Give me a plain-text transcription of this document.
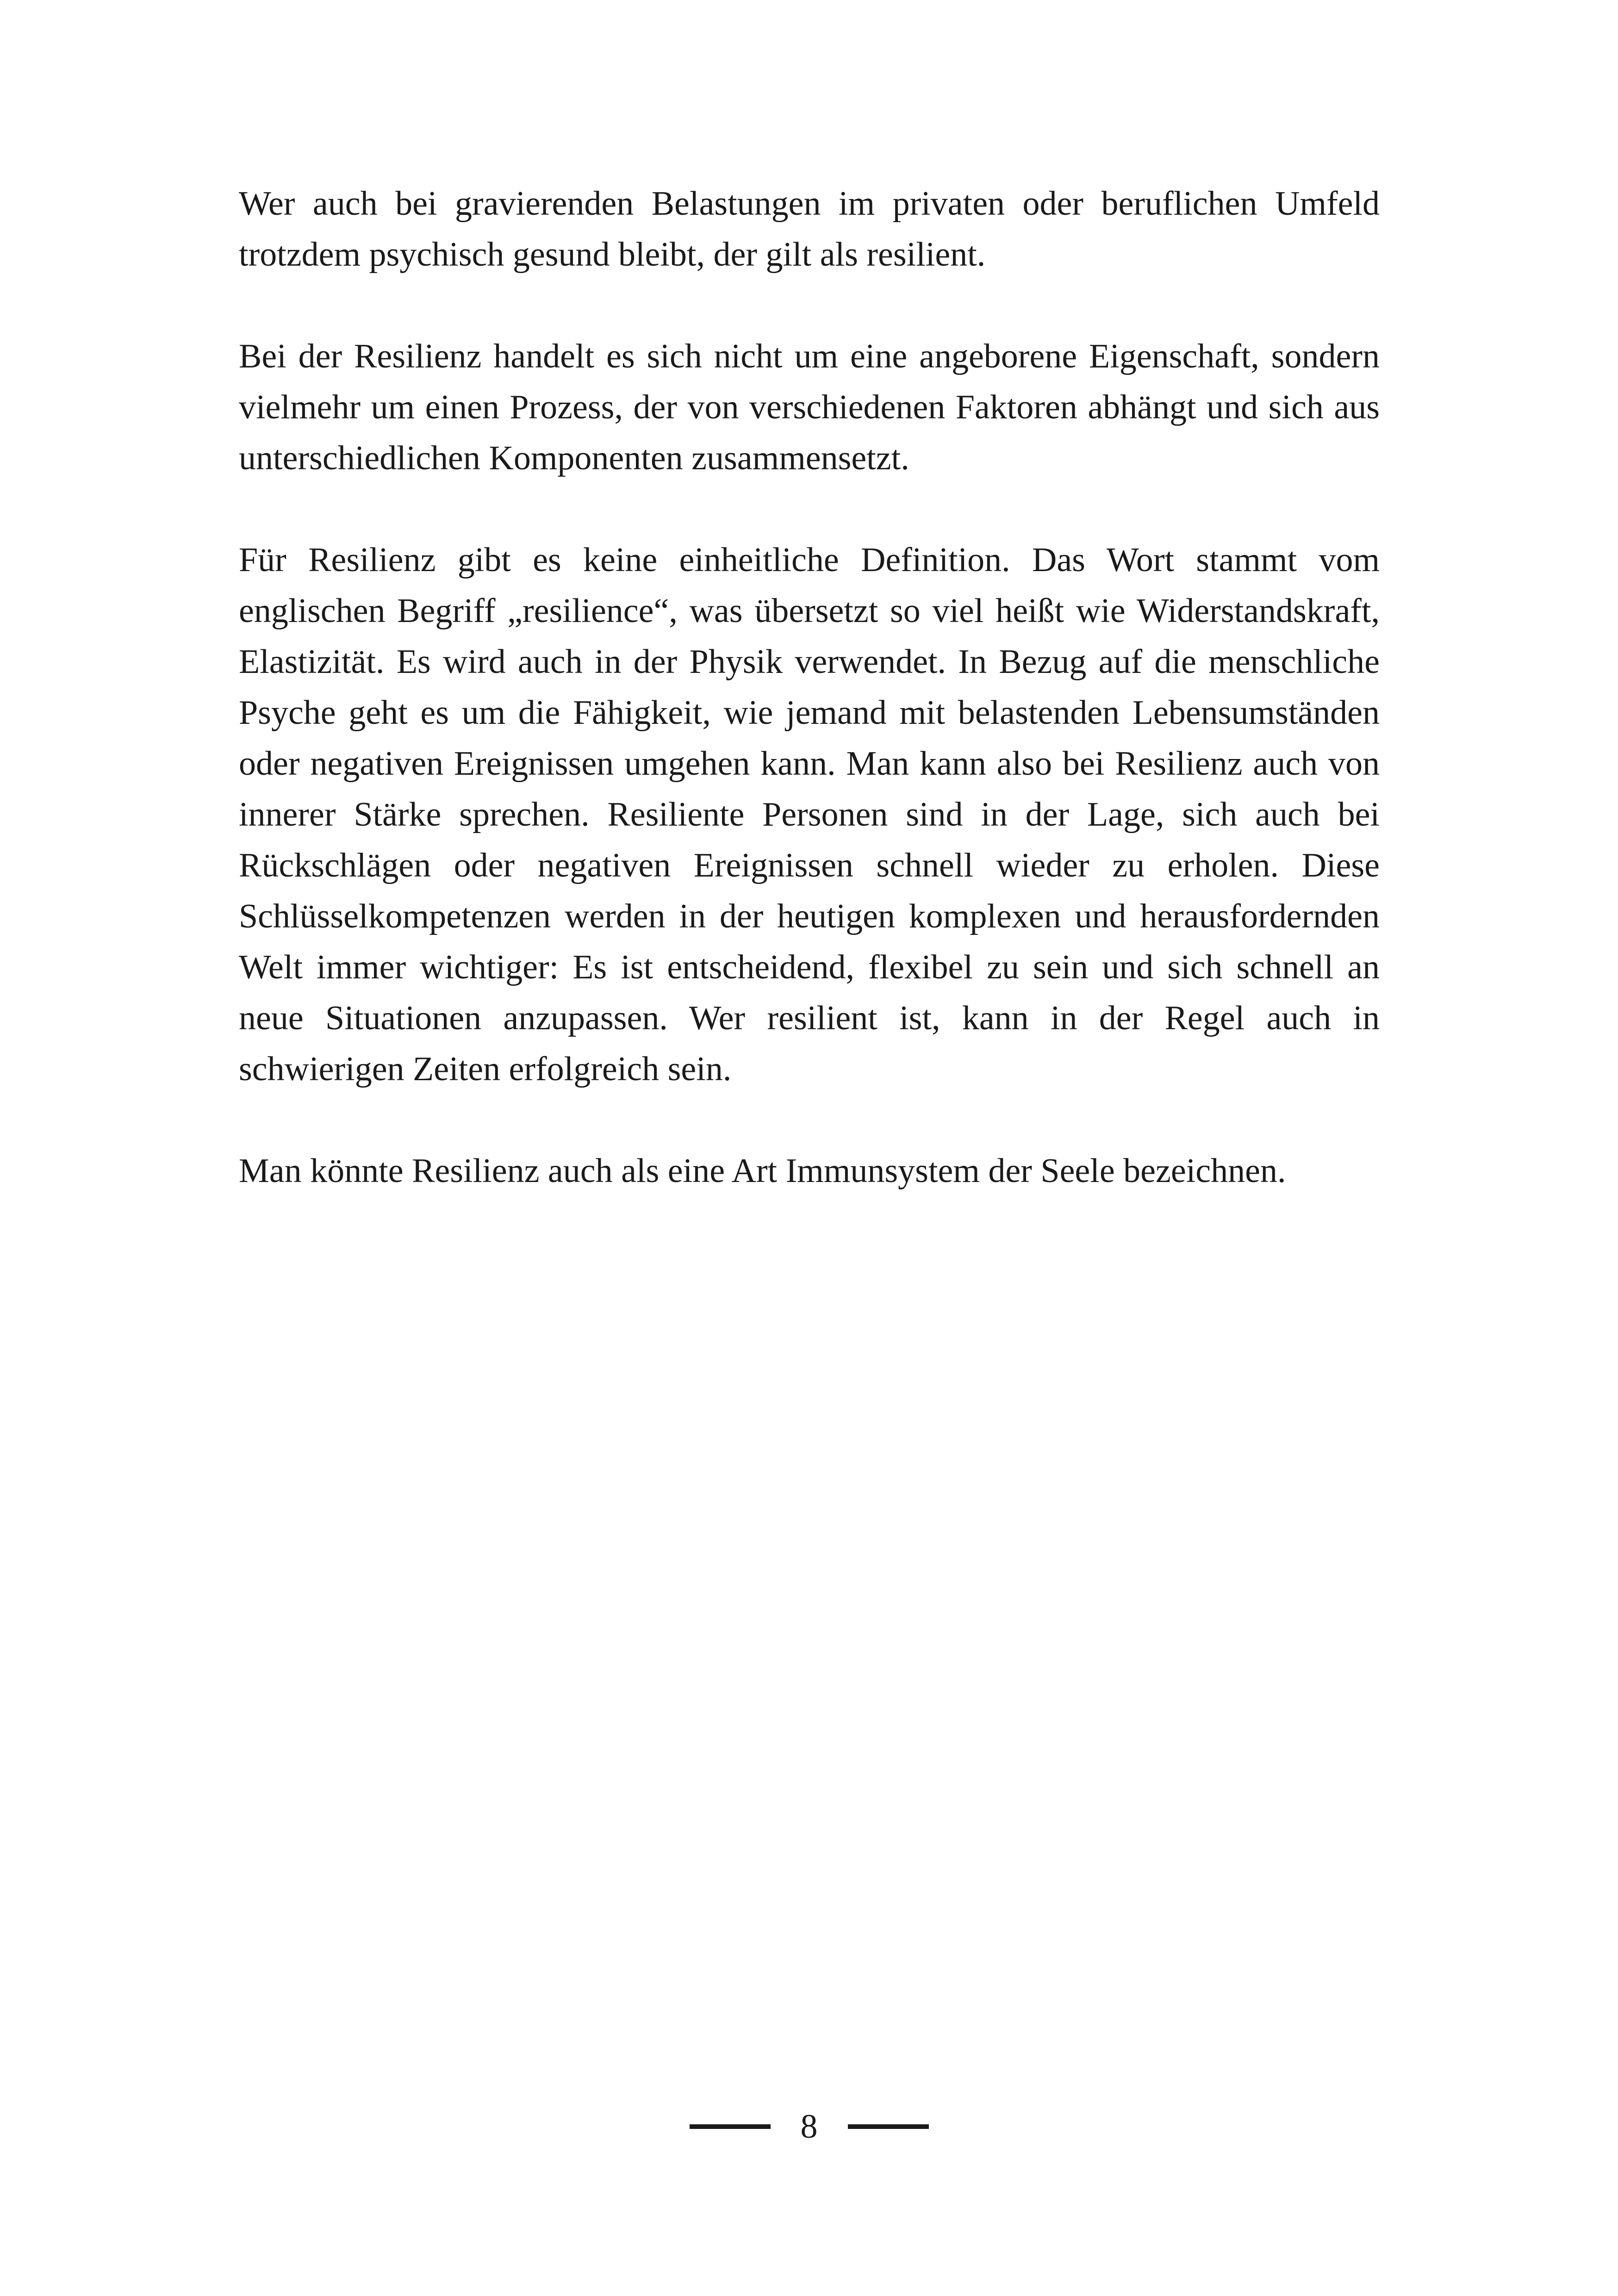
Wer auch bei gravierenden Belastungen im privaten oder beruflichen Umfeld trotzdem psychisch gesund bleibt, der gilt als resilient.

Bei der Resilienz handelt es sich nicht um eine angeborene Eigenschaft, sondern vielmehr um einen Prozess, der von verschiedenen Faktoren abhängt und sich aus unterschiedlichen Komponenten zusammensetzt.

Für Resilienz gibt es keine einheitliche Definition. Das Wort stammt vom englischen Begriff „resilience“, was übersetzt so viel heißt wie Widerstandskraft, Elastizität. Es wird auch in der Physik verwendet. In Bezug auf die menschliche Psyche geht es um die Fähigkeit, wie jemand mit belastenden Lebensumständen oder negativen Ereignissen umgehen kann. Man kann also bei Resilienz auch von innerer Stärke sprechen. Resiliente Personen sind in der Lage, sich auch bei Rückschlägen oder negativen Ereignissen schnell wieder zu erholen. Diese Schlüsselkompetenzen werden in der heutigen komplexen und herausfordernden Welt immer wichtiger: Es ist entscheidend, flexibel zu sein und sich schnell an neue Situationen anzupassen. Wer resilient ist, kann in der Regel auch in schwierigen Zeiten erfolgreich sein.

Man könnte Resilienz auch als eine Art Immunsystem der Seele bezeichnen.

8
